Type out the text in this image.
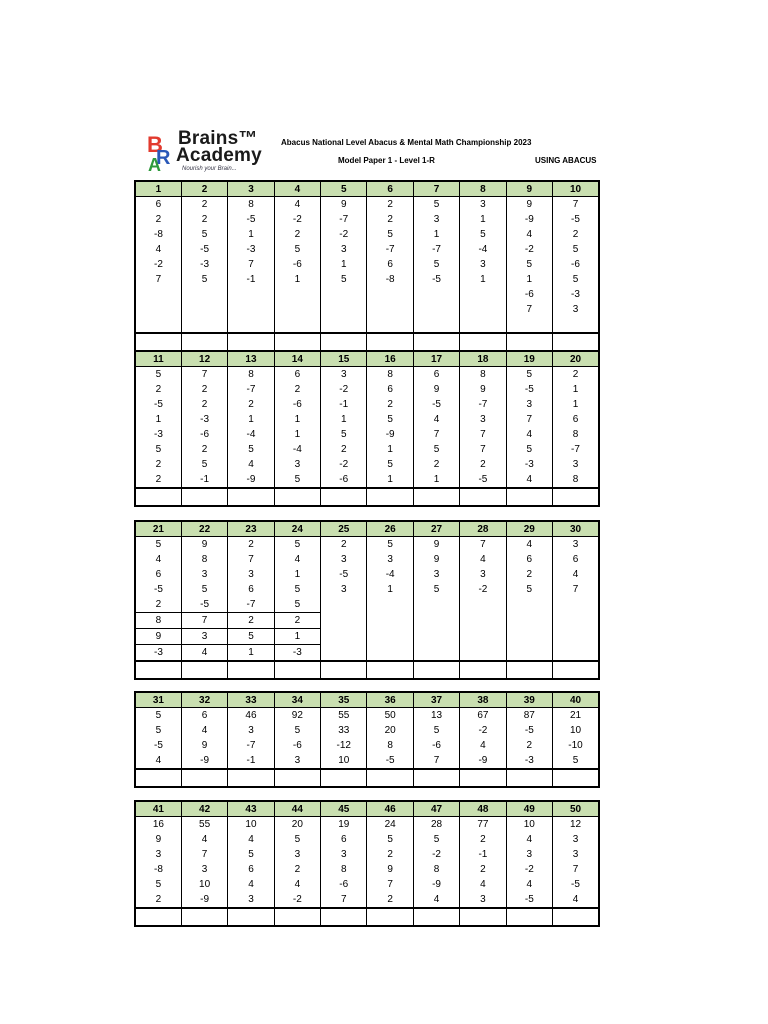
B
R
A
Brains™
Academy
Nourish your Brain...
Abacus National Level Abacus & Mental Math Championship 2023
Model Paper 1 - Level 1-R	USING ABACUS
1	2	3	4	5	6	7	8	9	10
6	2	8	4	9	2	5	3	9	7
2	2	-5	-2	-7	2	3	1	-9	-5
-8	5	1	2	-2	5	1	5	4	2
4	-5	-3	5	3	-7	-7	-4	-2	5
-2	-3	7	-6	1	6	5	3	5	-6
7	5	-1	1	5	-8	-5	1	1	5
								-6	-3
								7	3

11	12	13	14	15	16	17	18	19	20
5	7	8	6	3	8	6	8	5	2
2	2	-7	2	-2	6	9	9	-5	1
-5	2	2	-6	-1	2	-5	-7	3	1
1	-3	1	1	1	5	4	3	7	6
-3	-6	-4	1	5	-9	7	7	4	8
5	2	5	-4	2	1	5	7	5	-7
2	5	4	3	-2	5	2	2	-3	3
2	-1	-9	5	-6	1	1	-5	4	8

21	22	23	24	25	26	27	28	29	30
5	9	2	5	2	5	9	7	4	3
4	8	7	4	3	3	9	4	6	6
6	3	3	1	-5	-4	3	3	2	4
-5	5	6	5	3	1	5	-2	5	7
2	-5	-7	5						
8	7	2	2						
9	3	5	1						
-3	4	1	-3						

31	32	33	34	35	36	37	38	39	40
5	6	46	92	55	50	13	67	87	21
5	4	3	5	33	20	5	-2	-5	10
-5	9	-7	-6	-12	8	-6	4	2	-10
4	-9	-1	3	10	-5	7	-9	-3	5

41	42	43	44	45	46	47	48	49	50
16	55	10	20	19	24	28	77	10	12
9	4	4	5	6	5	5	2	4	3
3	7	5	3	3	2	-2	-1	3	3
-8	3	6	2	8	9	8	2	-2	7
5	10	4	4	-6	7	-9	4	4	-5
2	-9	3	-2	7	2	4	3	-5	4
